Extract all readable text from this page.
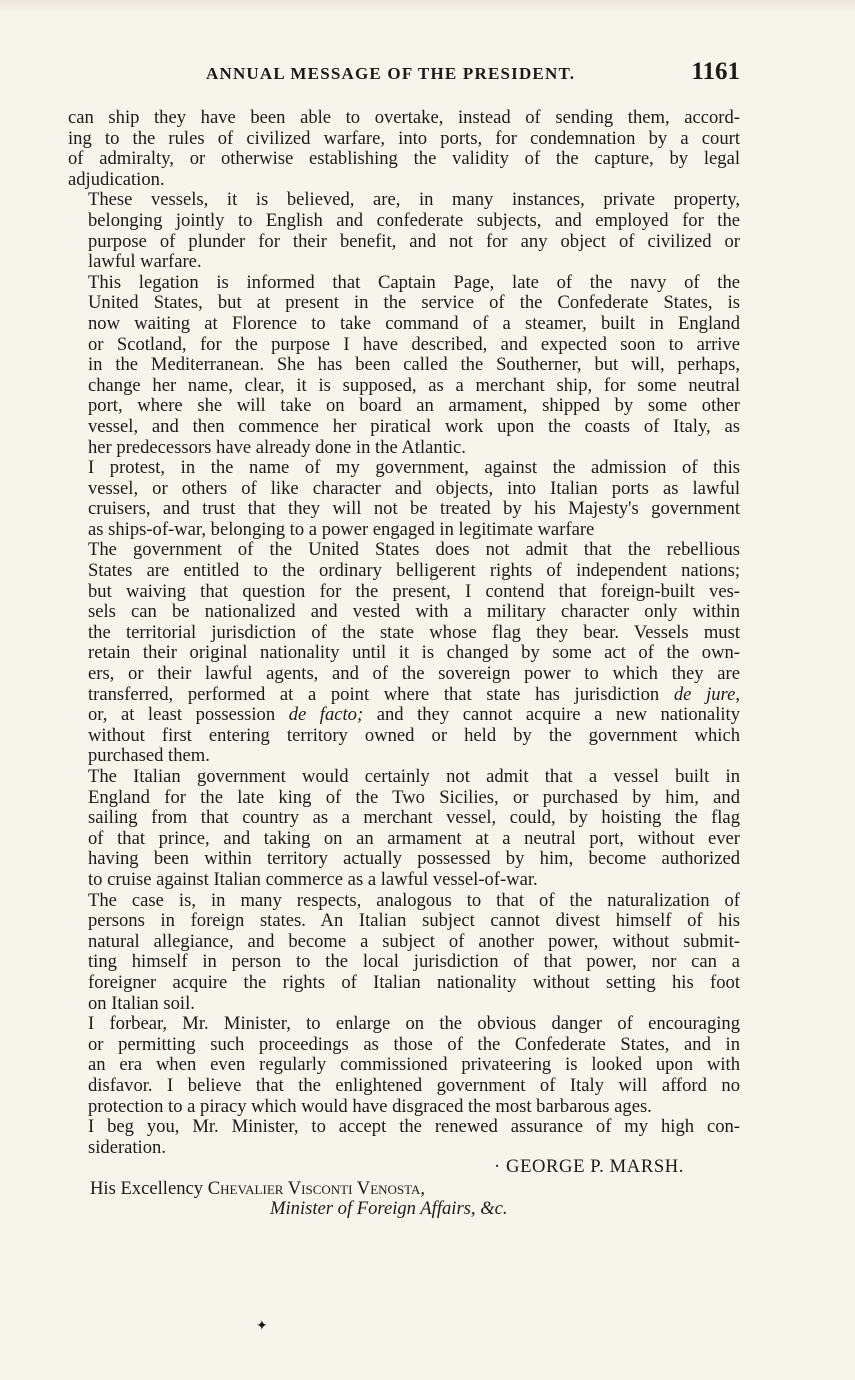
ANNUAL MESSAGE OF THE PRESIDENT.	1161
can ship they have been able to overtake, instead of sending them, accord-
ing to the rules of civilized warfare, into ports, for condemnation by a court
of admiralty, or otherwise establishing the validity of the capture, by legal
adjudication.
These vessels, it is believed, are, in many instances, private property,
belonging jointly to English and confederate subjects, and employed for the
purpose of plunder for their benefit, and not for any object of civilized or
lawful warfare.
This legation is informed that Captain Page, late of the navy of the
United States, but at present in the service of the Confederate States, is
now waiting at Florence to take command of a steamer, built in England
or Scotland, for the purpose I have described, and expected soon to arrive
in the Mediterranean. She has been called the Southerner, but will, perhaps,
change her name, clear, it is supposed, as a merchant ship, for some neutral
port, where she will take on board an armament, shipped by some other
vessel, and then commence her piratical work upon the coasts of Italy, as
her predecessors have already done in the Atlantic.
I protest, in the name of my government, against the admission of this
vessel, or others of like character and objects, into Italian ports as lawful
cruisers, and trust that they will not be treated by his Majesty's government
as ships-of-war, belonging to a power engaged in legitimate warfare
The government of the United States does not admit that the rebellious
States are entitled to the ordinary belligerent rights of independent nations;
but waiving that question for the present, I contend that foreign-built ves-
sels can be nationalized and vested with a military character only within
the territorial jurisdiction of the state whose flag they bear. Vessels must
retain their original nationality until it is changed by some act of the own-
ers, or their lawful agents, and of the sovereign power to which they are
transferred, performed at a point where that state has jurisdiction de jure,
or, at least possession de facto; and they cannot acquire a new nationality
without first entering territory owned or held by the government which
purchased them.
The Italian government would certainly not admit that a vessel built in
England for the late king of the Two Sicilies, or purchased by him, and
sailing from that country as a merchant vessel, could, by hoisting the flag
of that prince, and taking on an armament at a neutral port, without ever
having been within territory actually possessed by him, become authorized
to cruise against Italian commerce as a lawful vessel-of-war.
The case is, in many respects, analogous to that of the naturalization of
persons in foreign states. An Italian subject cannot divest himself of his
natural allegiance, and become a subject of another power, without submit-
ting himself in person to the local jurisdiction of that power, nor can a
foreigner acquire the rights of Italian nationality without setting his foot
on Italian soil.
I forbear, Mr. Minister, to enlarge on the obvious danger of encouraging
or permitting such proceedings as those of the Confederate States, and in
an era when even regularly commissioned privateering is looked upon with
disfavor. I believe that the enlightened government of Italy will afford no
protection to a piracy which would have disgraced the most barbarous ages.
I beg you, Mr. Minister, to accept the renewed assurance of my high con-
sideration.
· GEORGE P. MARSH.
His Excellency Chevalier Visconti Venosta,
Minister of Foreign Affairs, &c.
✦
